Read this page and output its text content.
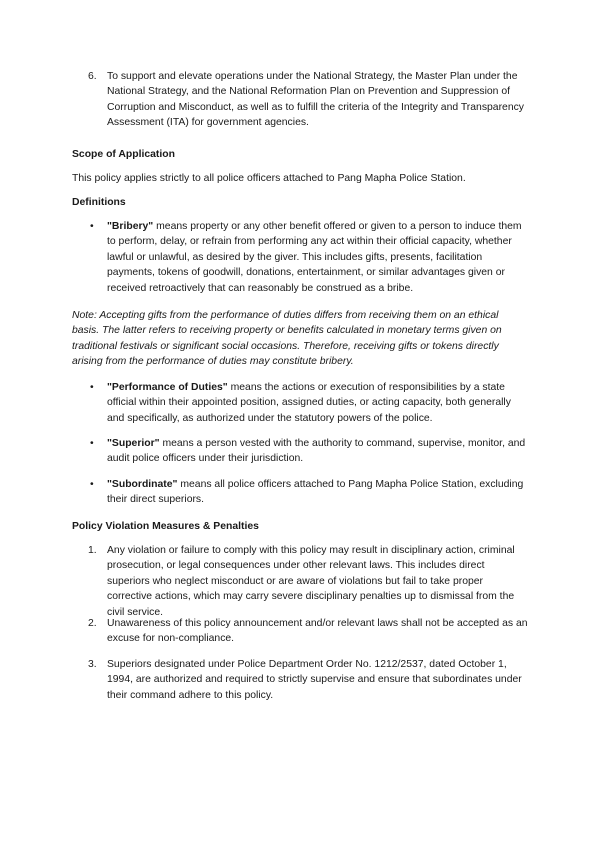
6. To support and elevate operations under the National Strategy, the Master Plan under the National Strategy, and the National Reformation Plan on Prevention and Suppression of Corruption and Misconduct, as well as to fulfill the criteria of the Integrity and Transparency Assessment (ITA) for government agencies.
Scope of Application
This policy applies strictly to all police officers attached to Pang Mapha Police Station.
Definitions
• "Bribery" means property or any other benefit offered or given to a person to induce them to perform, delay, or refrain from performing any act within their official capacity, whether lawful or unlawful, as desired by the giver. This includes gifts, presents, facilitation payments, tokens of goodwill, donations, entertainment, or similar advantages given or received retroactively that can reasonably be construed as a bribe.
Note: Accepting gifts from the performance of duties differs from receiving them on an ethical basis. The latter refers to receiving property or benefits calculated in monetary terms given on traditional festivals or significant social occasions. Therefore, receiving gifts or tokens directly arising from the performance of duties may constitute bribery.
• "Performance of Duties" means the actions or execution of responsibilities by a state official within their appointed position, assigned duties, or acting capacity, both generally and specifically, as authorized under the statutory powers of the police.
• "Superior" means a person vested with the authority to command, supervise, monitor, and audit police officers under their jurisdiction.
• "Subordinate" means all police officers attached to Pang Mapha Police Station, excluding their direct superiors.
Policy Violation Measures & Penalties
1. Any violation or failure to comply with this policy may result in disciplinary action, criminal prosecution, or legal consequences under other relevant laws. This includes direct superiors who neglect misconduct or are aware of violations but fail to take proper corrective actions, which may carry severe disciplinary penalties up to dismissal from the civil service.
2. Unawareness of this policy announcement and/or relevant laws shall not be accepted as an excuse for non-compliance.
3. Superiors designated under Police Department Order No. 1212/2537, dated October 1, 1994, are authorized and required to strictly supervise and ensure that subordinates under their command adhere to this policy.
